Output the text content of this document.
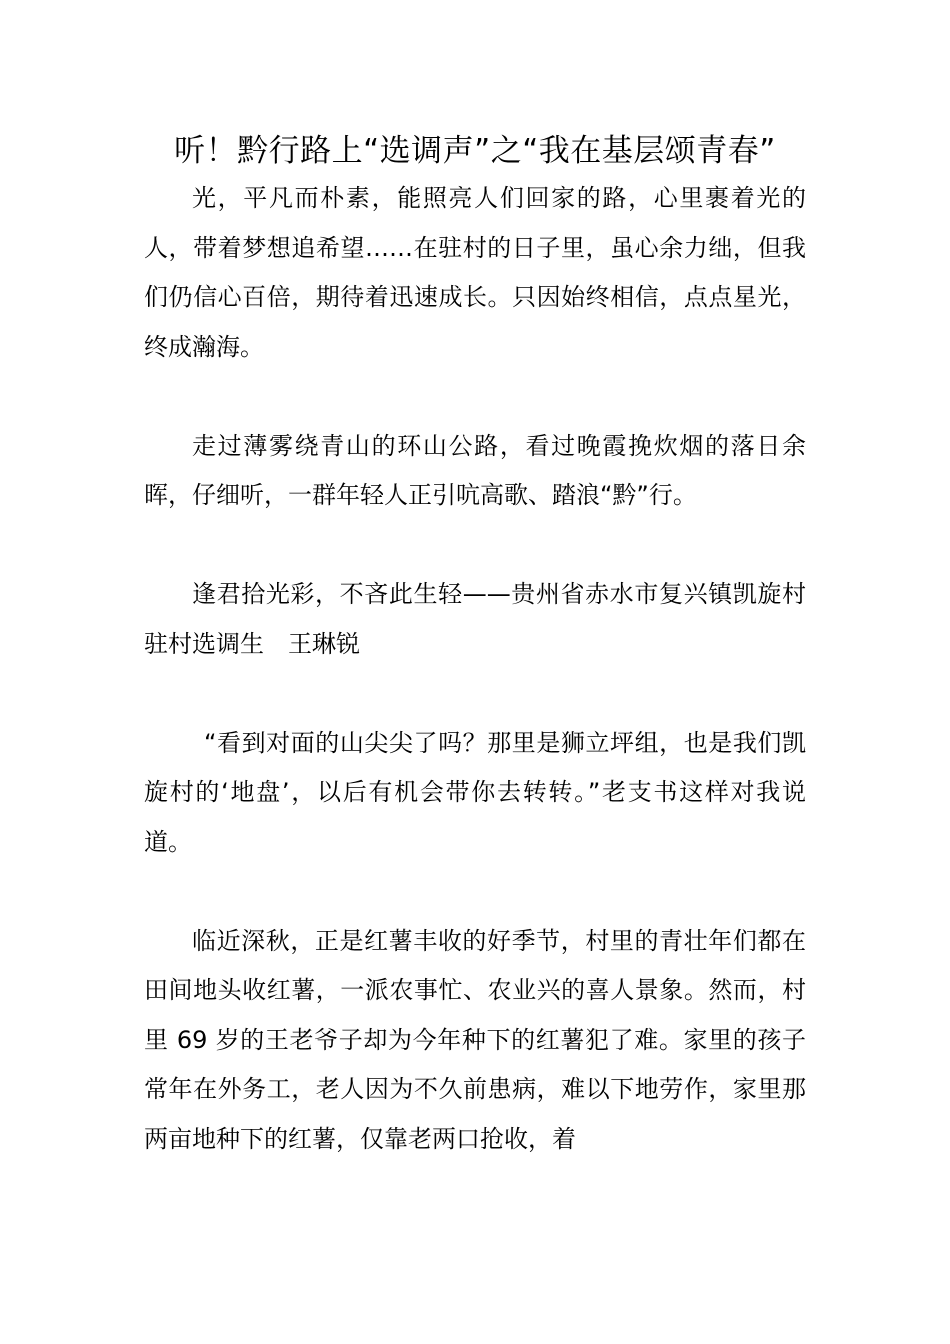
听！黔行路上“选调声”之“我在基层颂青春”

光，平凡而朴素，能照亮人们回家的路，心里裹着光的人，带着梦想追希望……在驻村的日子里，虽心余力绌，但我们仍信心百倍，期待着迅速成长。只因始终相信，点点星光，终成瀚海。

走过薄雾绕青山的环山公路，看过晚霞挽炊烟的落日余晖，仔细听，一群年轻人正引吭高歌、踏浪“黔”行。

逢君拾光彩，不吝此生轻——贵州省赤水市复兴镇凯旋村驻村选调生　王琳锐

“看到对面的山尖尖了吗？那里是狮立坪组，也是我们凯旋村的‘地盘’，以后有机会带你去转转。”老支书这样对我说道。

临近深秋，正是红薯丰收的好季节，村里的青壮年们都在田间地头收红薯，一派农事忙、农业兴的喜人景象。然而，村里 69 岁的王老爷子却为今年种下的红薯犯了难。家里的孩子常年在外务工，老人因为不久前患病，难以下地劳作，家里那两亩地种下的红薯，仅靠老两口抢收，着
